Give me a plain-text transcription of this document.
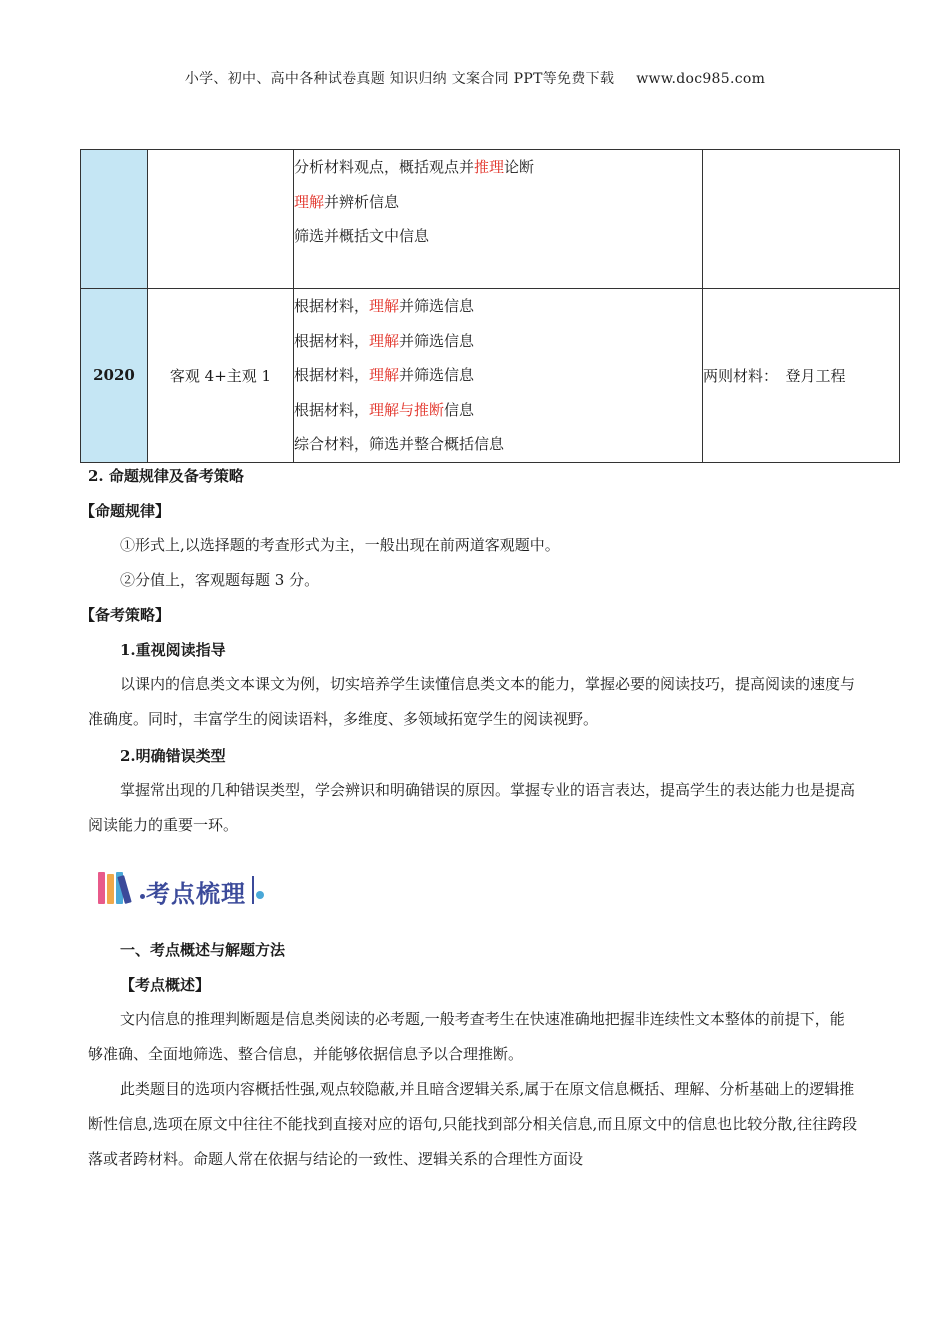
小学、初中、高中各种试卷真题 知识归纳 文案合同 PPT等免费下载 www.doc985.com

		分析材料观点，概括观点并推理论断
理解并辨析信息
筛选并概括文中信息	

2020	客观 4+主观 1	根据材料，理解并筛选信息
根据材料，理解并筛选信息
根据材料，理解并筛选信息
根据材料，理解与推断信息
综合材料，筛选并整合概括信息	两则材料：　登月工程
2. 命题规律及备考策略
【命题规律】
①形式上,以选择题的考查形式为主，一般出现在前两道客观题中。
②分值上，客观题每题 3 分。
【备考策略】
1.重视阅读指导
以课内的信息类文本课文为例，切实培养学生读懂信息类文本的能力，掌握必要的阅读技巧，提高阅读的速度与准确度。同时，丰富学生的阅读语料，多维度、多领域拓宽学生的阅读视野。
2.明确错误类型
掌握常出现的几种错误类型，学会辨识和明确错误的原因。掌握专业的语言表达，提高学生的表达能力也是提高阅读能力的重要一环。
考点梳理
一、考点概述与解题方法
【考点概述】
文内信息的推理判断题是信息类阅读的必考题,一般考查考生在快速准确地把握非连续性文本整体的前提下，能够准确、全面地筛选、整合信息，并能够依据信息予以合理推断。
此类题目的选项内容概括性强,观点较隐蔽,并且暗含逻辑关系,属于在原文信息概括、理解、分析基础上的逻辑推断性信息,选项在原文中往往不能找到直接对应的语句,只能找到部分相关信息,而且原文中的信息也比较分散,往往跨段落或者跨材料。命题人常在依据与结论的一致性、逻辑关系的合理性方面设
